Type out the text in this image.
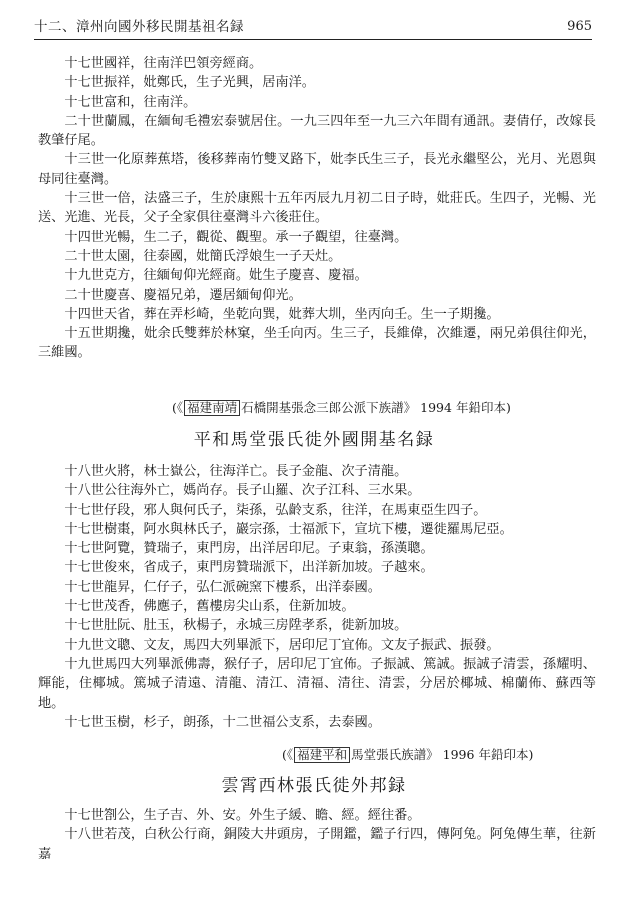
十二、漳州向國外移民開基祖名録	965

十七世國祥，往南洋巴領旁經商。

十七世振祥，妣鄭氏，生子光興，居南洋。

十七世富和，往南洋。

二十世蘭鳳，在緬甸毛禮宏泰號居住。一九三四年至一九三六年間有通訊。妻倩仔，改嫁長教肇仔尾。

十三世一化原葬蕉塔，後移葬南竹雙叉路下，妣李氏生三子，長光永繼堅公，光月、光恩與母同往臺灣。

十三世一倍，法盛三子，生於康熙十五年丙辰九月初二日子時，妣莊氏。生四子，光暢、光送、光進、光長，父子全家俱往臺灣斗六後莊住。

十四世光暢，生二子，觀從、觀聖。承一子觀望，往臺灣。

二十世太園，往泰國，妣簡氏浮娘生一子天灶。

十九世克方，往緬甸仰光經商。妣生子慶喜、慶福。

二十世慶喜、慶福兄弟，遷居緬甸仰光。

十四世天省，葬在弄杉崎，坐乾向巽，妣葬大圳，坐丙向壬。生一子期攙。

十五世期攙，妣余氏雙葬於林窠，坐壬向丙。生三子，長維偉，次維遷，兩兄弟俱往仰光，三維國。

(《 福建南靖 石橋開基張念三郎公派下族譜》 1994 年鉛印本)
平和馬堂張氏徙外國開基名録

十八世火將，林士嶽公，往海洋亡。長子金龍、次子清龍。

十八世公往海外亡，媽尚存。長子山羅、次子江科、三水果。

十七世仔段，邪人與何氏子，柒孫，弘齡支系，往洋，在馬東亞生四子。

十七世樹棗，阿水與林氏子，巖宗孫，士福派下，宣坑下樓，遷徙羅馬尼亞。

十七世阿覽，贊瑞子，東門房，出洋居印尼。子東翁，孫漢聰。

十七世俊來，省成子，東門房贊瑞派下，出洋新加坡。子越來。

十七世龍昇，仁仔子，弘仁派碗窯下樓系，出洋泰國。

十七世茂香，佛應子，舊樓房尖山系，住新加坡。

十七世肚阮、肚玉，秋楊子，永城三房陞孝系，徙新加坡。

十九世文聰、文友，馬四大列畢派下，居印尼丁宜佈。文友子振武、振發。

十九世馬四大列畢派佛壽，猴仔子，居印尼丁宜佈。子振誠、篤誠。振誠子清雲，孫耀明、輝能，住椰城。篤城子清遠、清龍、清江、清福、清往、清雲，分居於椰城、棉蘭佈、蘇西等地。

十七世玉樹，杉子，朗孫，十二世福公支系，去泰國。

(《 福建平和 馬堂張氏族譜》 1996 年鉛印本)
雲霄西林張氏徙外邦録

十七世劄公，生子吉、外、安。外生子緩、瞻、經。經往番。

十八世若茂，白秋公行商，銅陵大井頭房，子開鑑，鑑子行四，傳阿兔。阿兔傳生華，往新嘉
